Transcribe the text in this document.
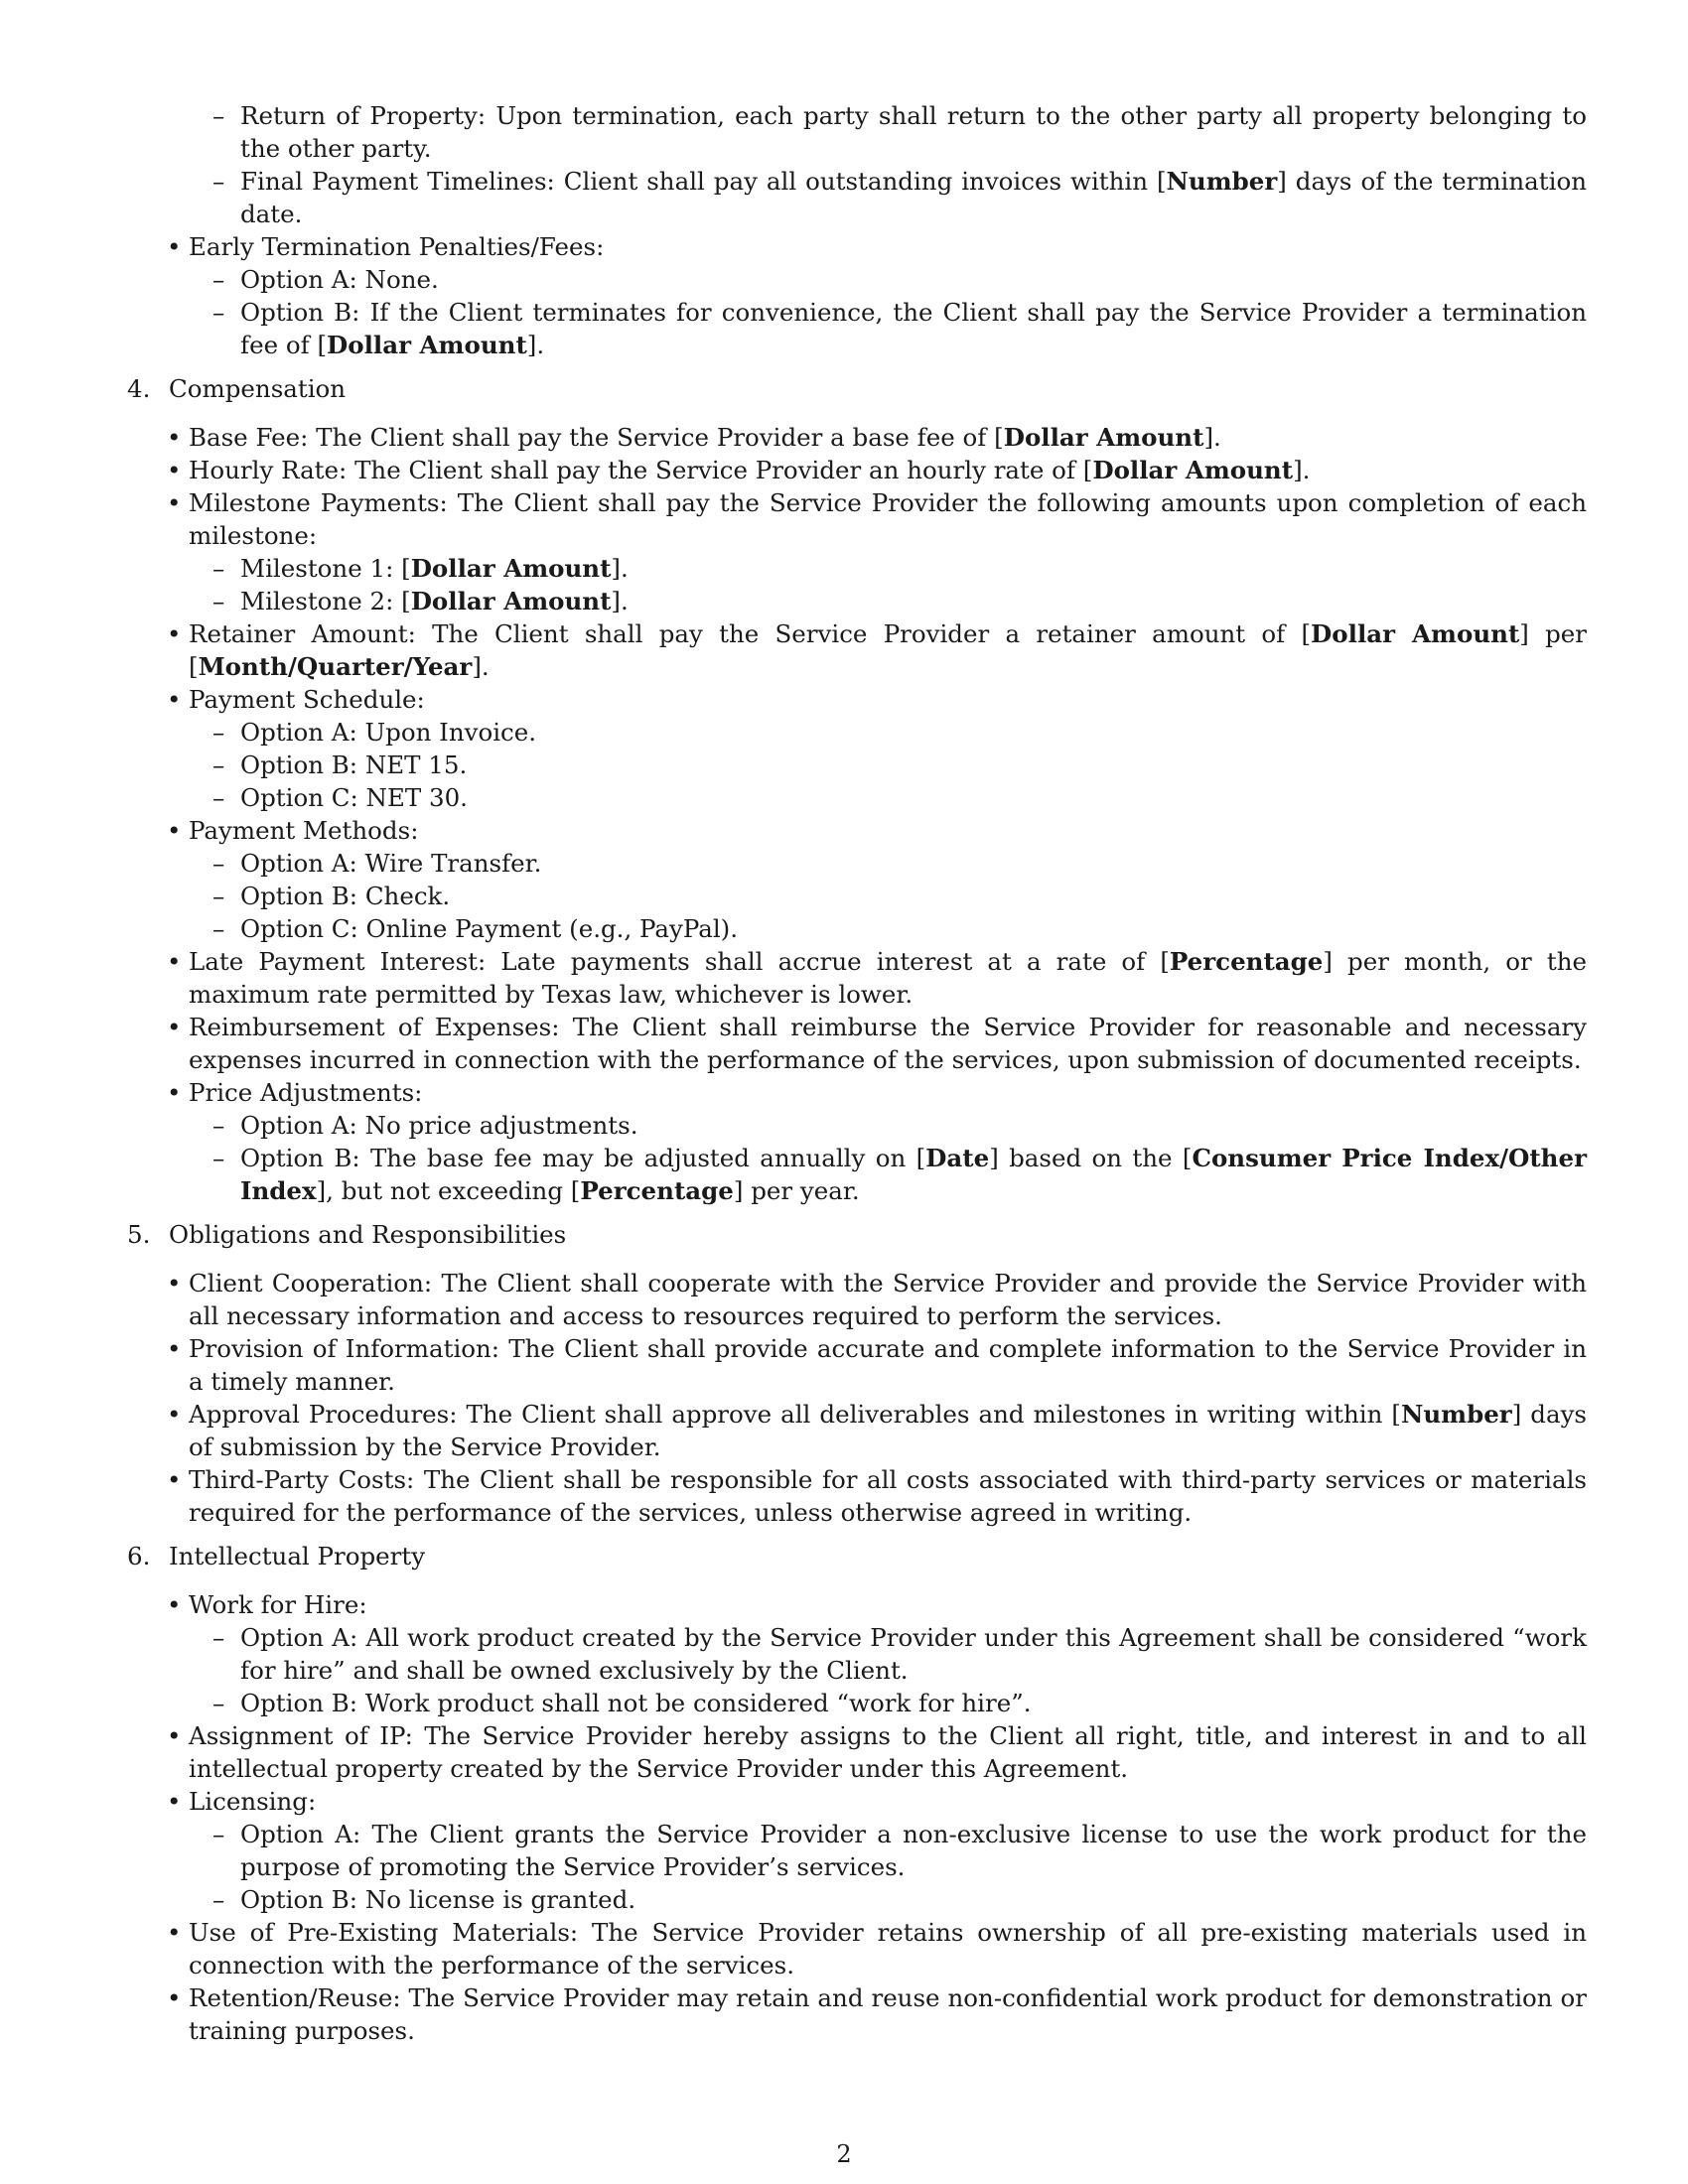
– Return of Property: Upon termination, each party shall return to the other party all property belonging to the other party.
– Final Payment Timelines: Client shall pay all outstanding invoices within [Number] days of the termination date.
• Early Termination Penalties/Fees:
– Option A: None.
– Option B: If the Client terminates for convenience, the Client shall pay the Service Provider a termination fee of [Dollar Amount].
4. Compensation
• Base Fee: The Client shall pay the Service Provider a base fee of [Dollar Amount].
• Hourly Rate: The Client shall pay the Service Provider an hourly rate of [Dollar Amount].
• Milestone Payments: The Client shall pay the Service Provider the following amounts upon completion of each milestone:
– Milestone 1: [Dollar Amount].
– Milestone 2: [Dollar Amount].
• Retainer Amount: The Client shall pay the Service Provider a retainer amount of [Dollar Amount] per [Month/Quarter/Year].
• Payment Schedule:
– Option A: Upon Invoice.
– Option B: NET 15.
– Option C: NET 30.
• Payment Methods:
– Option A: Wire Transfer.
– Option B: Check.
– Option C: Online Payment (e.g., PayPal).
• Late Payment Interest: Late payments shall accrue interest at a rate of [Percentage] per month, or the maximum rate permitted by Texas law, whichever is lower.
• Reimbursement of Expenses: The Client shall reimburse the Service Provider for reasonable and necessary expenses incurred in connection with the performance of the services, upon submission of documented receipts.
• Price Adjustments:
– Option A: No price adjustments.
– Option B: The base fee may be adjusted annually on [Date] based on the [Consumer Price Index/Other Index], but not exceeding [Percentage] per year.
5. Obligations and Responsibilities
• Client Cooperation: The Client shall cooperate with the Service Provider and provide the Service Provider with all necessary information and access to resources required to perform the services.
• Provision of Information: The Client shall provide accurate and complete information to the Service Provider in a timely manner.
• Approval Procedures: The Client shall approve all deliverables and milestones in writing within [Number] days of submission by the Service Provider.
• Third-Party Costs: The Client shall be responsible for all costs associated with third-party services or materials required for the performance of the services, unless otherwise agreed in writing.
6. Intellectual Property
• Work for Hire:
– Option A: All work product created by the Service Provider under this Agreement shall be considered “work for hire” and shall be owned exclusively by the Client.
– Option B: Work product shall not be considered “work for hire”.
• Assignment of IP: The Service Provider hereby assigns to the Client all right, title, and interest in and to all intellectual property created by the Service Provider under this Agreement.
• Licensing:
– Option A: The Client grants the Service Provider a non-exclusive license to use the work product for the purpose of promoting the Service Provider’s services.
– Option B: No license is granted.
• Use of Pre-Existing Materials: The Service Provider retains ownership of all pre-existing materials used in connection with the performance of the services.
• Retention/Reuse: The Service Provider may retain and reuse non-confidential work product for demonstration or training purposes.
2
